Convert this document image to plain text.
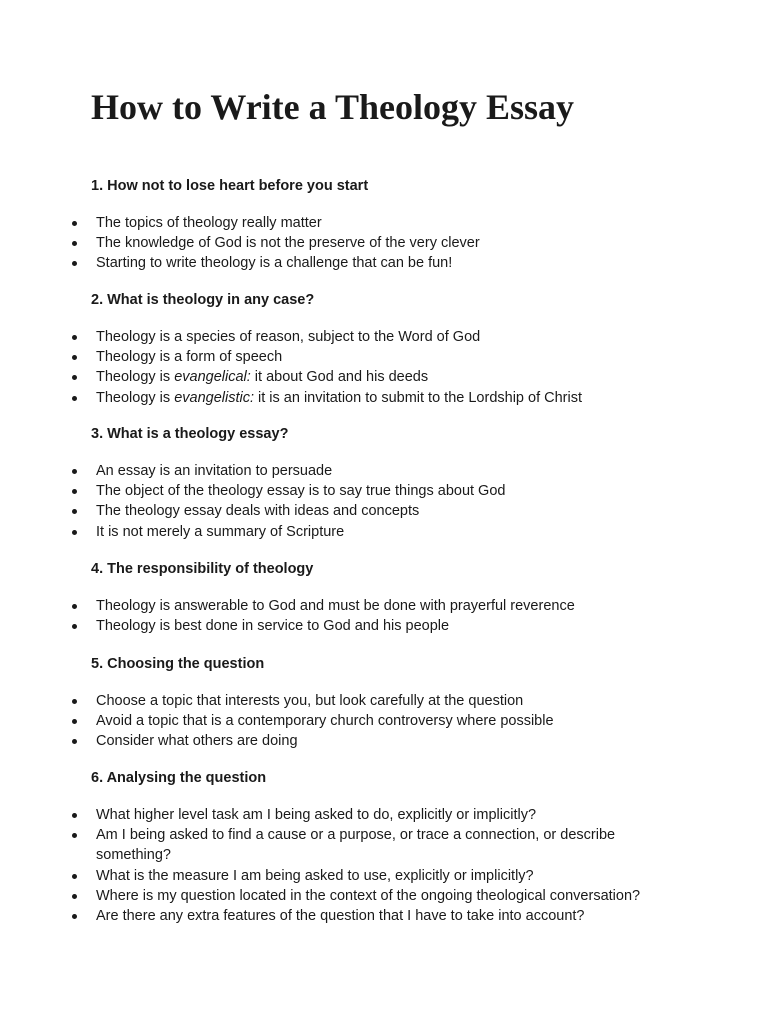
How to Write a Theology Essay

1. How not to lose heart before you start

The topics of theology really matter
The knowledge of God is not the preserve of the very clever
Starting to write theology is a challenge that can be fun!

2. What is theology in any case?

Theology is a species of reason, subject to the Word of God
Theology is a form of speech
Theology is evangelical: it about God and his deeds
Theology is evangelistic: it is an invitation to submit to the Lordship of Christ

3. What is a theology essay?

An essay is an invitation to persuade
The object of the theology essay is to say true things about God
The theology essay deals with ideas and concepts
It is not merely a summary of Scripture

4. The responsibility of theology

Theology is answerable to God and must be done with prayerful reverence
Theology is best done in service to God and his people

5. Choosing the question

Choose a topic that interests you, but look carefully at the question
Avoid a topic that is a contemporary church controversy where possible
Consider what others are doing

6. Analysing the question

What higher level task am I being asked to do, explicitly or implicitly?
Am I being asked to find a cause or a purpose, or trace a connection, or describe something?
What is the measure I am being asked to use, explicitly or implicitly?
Where is my question located in the context of the ongoing theological conversation?
Are there any extra features of the question that I have to take into account?
